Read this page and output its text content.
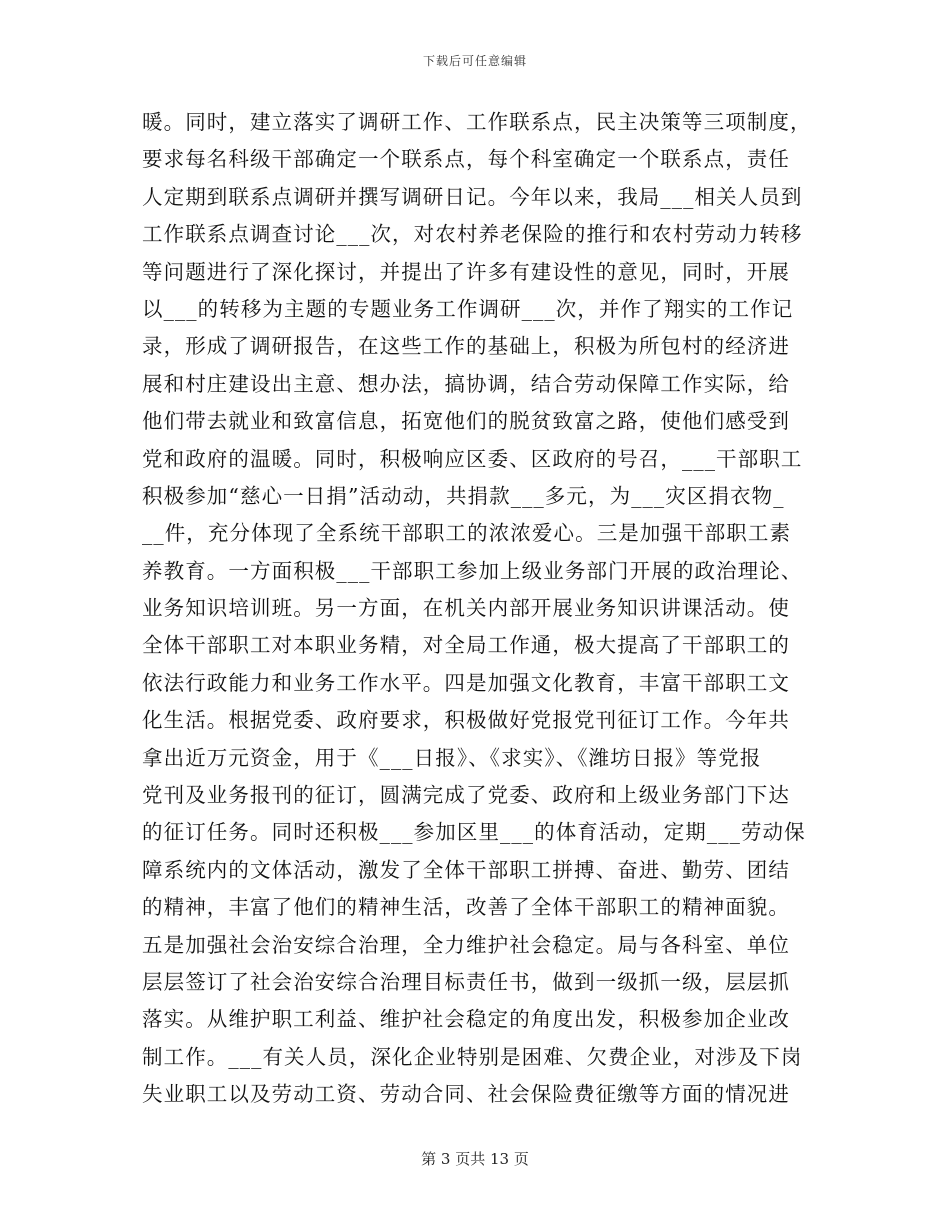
下载后可任意编辑
暖。同时，建立落实了调研工作、工作联系点，民主决策等三项制度，
要求每名科级干部确定一个联系点，每个科室确定一个联系点，责任
人定期到联系点调研并撰写调研日记。今年以来，我局___相关人员到
工作联系点调查讨论___次，对农村养老保险的推行和农村劳动力转移
等问题进行了深化探讨，并提出了许多有建设性的意见，同时，开展
以___的转移为主题的专题业务工作调研___次，并作了翔实的工作记
录，形成了调研报告，在这些工作的基础上，积极为所包村的经济进
展和村庄建设出主意、想办法，搞协调，结合劳动保障工作实际，给
他们带去就业和致富信息，拓宽他们的脱贫致富之路，使他们感受到
党和政府的温暖。同时，积极响应区委、区政府的号召，___干部职工
积极参加“慈心一日捐”活动动，共捐款___多元，为___灾区捐衣物_
__件，充分体现了全系统干部职工的浓浓爱心。三是加强干部职工素
养教育。一方面积极___干部职工参加上级业务部门开展的政治理论、
业务知识培训班。另一方面，在机关内部开展业务知识讲课活动。使
全体干部职工对本职业务精，对全局工作通，极大提高了干部职工的
依法行政能力和业务工作水平。四是加强文化教育，丰富干部职工文
化生活。根据党委、政府要求，积极做好党报党刊征订工作。今年共
拿出近万元资金，用于《___日报》、《求实》、《潍坊日报》等党报
党刊及业务报刊的征订，圆满完成了党委、政府和上级业务部门下达
的征订任务。同时还积极___参加区里___的体育活动，定期___劳动保
障系统内的文体活动，激发了全体干部职工拼搏、奋进、勤劳、团结
的精神，丰富了他们的精神生活，改善了全体干部职工的精神面貌。
五是加强社会治安综合治理，全力维护社会稳定。局与各科室、单位
层层签订了社会治安综合治理目标责任书，做到一级抓一级，层层抓
落实。从维护职工利益、维护社会稳定的角度出发，积极参加企业改
制工作。___有关人员，深化企业特别是困难、欠费企业，对涉及下岗
失业职工以及劳动工资、劳动合同、社会保险费征缴等方面的情况进
第 3 页共 13 页
